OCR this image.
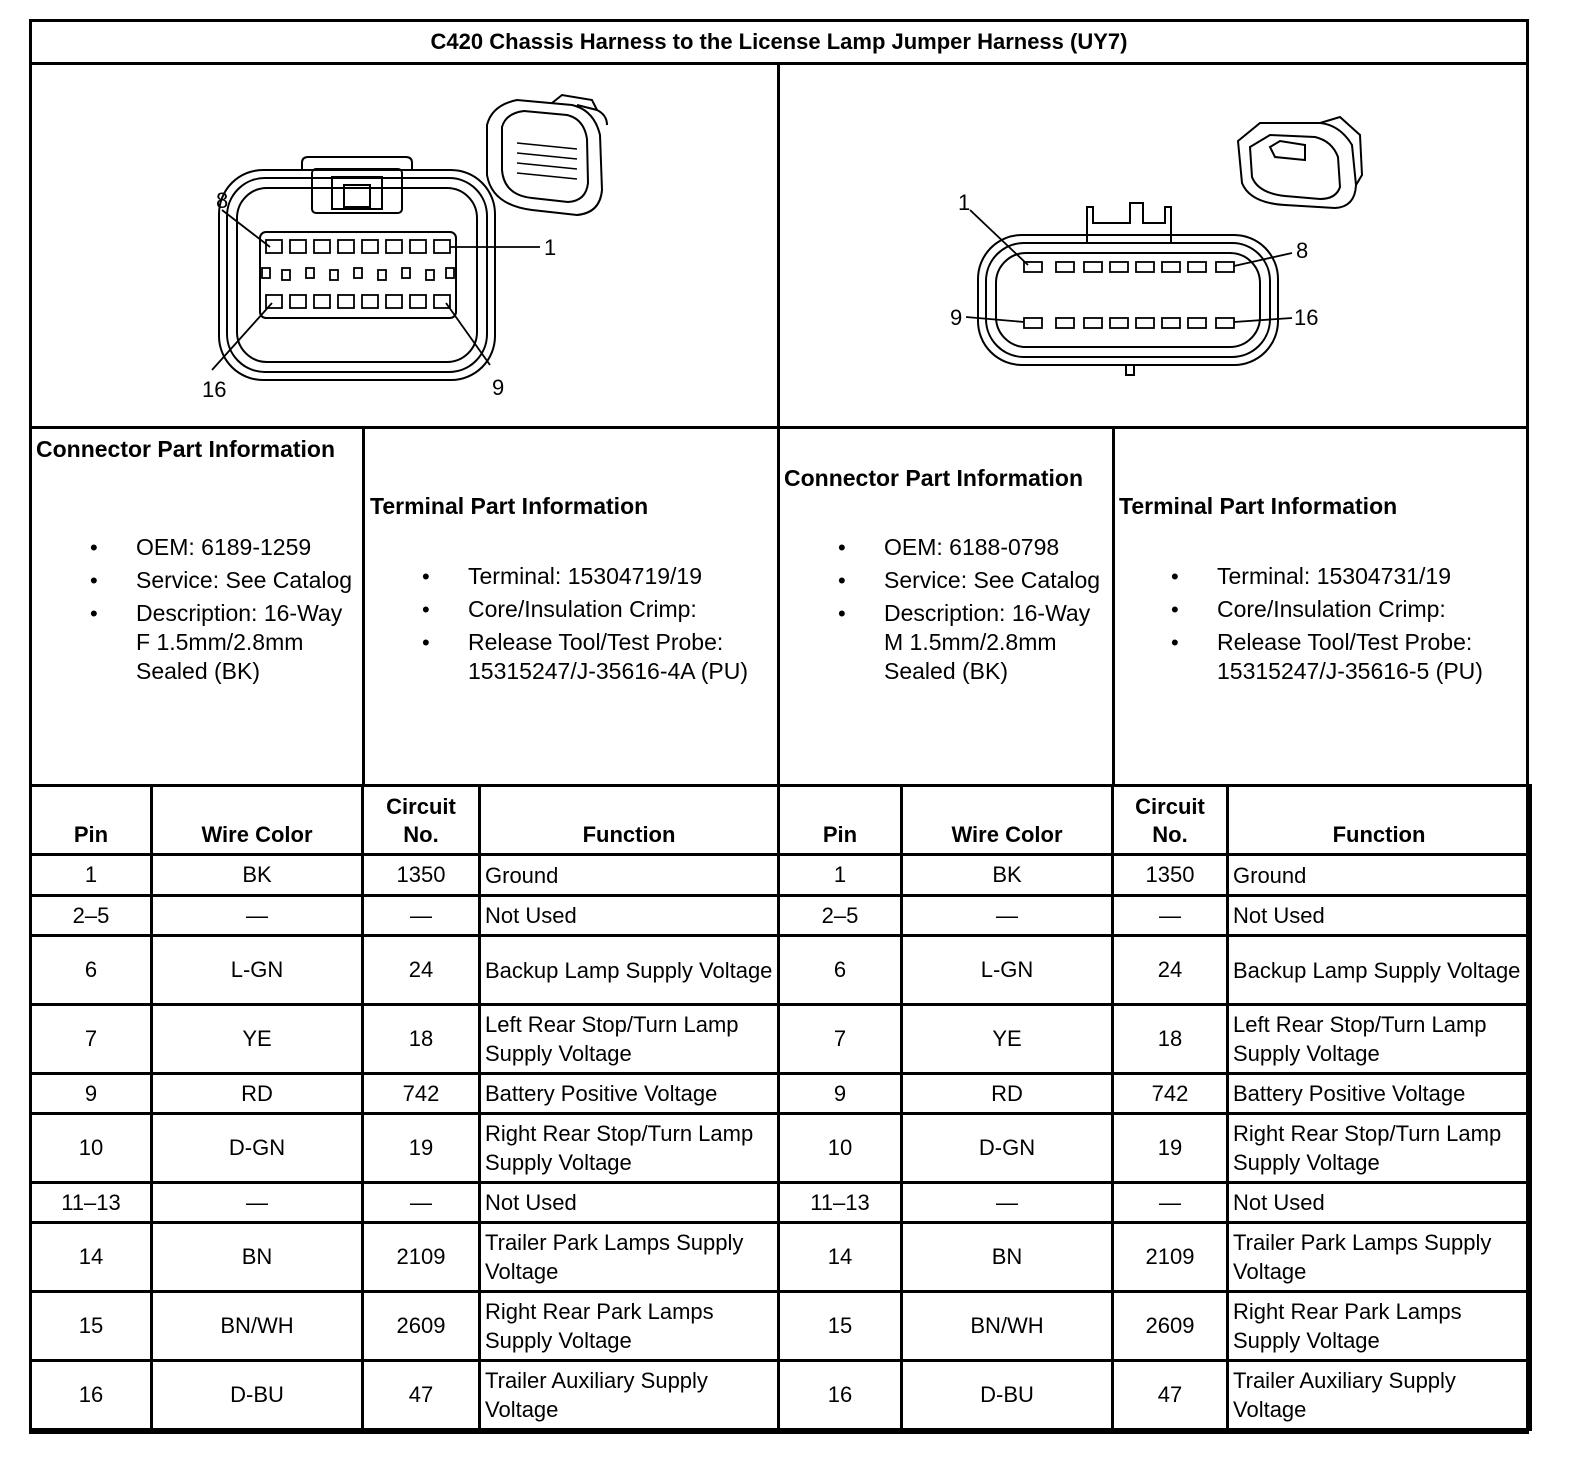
C420 Chassis Harness to the License Lamp Jumper Harness (UY7)
8
1
16	9
1
8
9	16
Connector Part Information
• OEM: 6189-1259
• Service: See Catalog
• Description: 16-Way F 1.5mm/2.8mm Sealed (BK)
Terminal Part Information
• Terminal: 15304719/19
• Core/Insulation Crimp:
• Release Tool/Test Probe: 15315247/J-35616-4A (PU)
Connector Part Information
• OEM: 6188-0798
• Service: See Catalog
• Description: 16-Way M 1.5mm/2.8mm Sealed (BK)
Terminal Part Information
• Terminal: 15304731/19
• Core/Insulation Crimp:
• Release Tool/Test Probe: 15315247/J-35616-5 (PU)
Pin	Wire Color	Circuit No.	Function	Pin	Wire Color	Circuit No.	Function
1	BK	1350	Ground	1	BK	1350	Ground
2–5	—	—	Not Used	2–5	—	—	Not Used
6	L-GN	24	Backup Lamp Supply Voltage	6	L-GN	24	Backup Lamp Supply Voltage
7	YE	18	Left Rear Stop/Turn Lamp Supply Voltage	7	YE	18	Left Rear Stop/Turn Lamp Supply Voltage
9	RD	742	Battery Positive Voltage	9	RD	742	Battery Positive Voltage
10	D-GN	19	Right Rear Stop/Turn Lamp Supply Voltage	10	D-GN	19	Right Rear Stop/Turn Lamp Supply Voltage
11–13	—	—	Not Used	11–13	—	—	Not Used
14	BN	2109	Trailer Park Lamps Supply Voltage	14	BN	2109	Trailer Park Lamps Supply Voltage
15	BN/WH	2609	Right Rear Park Lamps Supply Voltage	15	BN/WH	2609	Right Rear Park Lamps Supply Voltage
16	D-BU	47	Trailer Auxiliary Supply Voltage	16	D-BU	47	Trailer Auxiliary Supply Voltage
